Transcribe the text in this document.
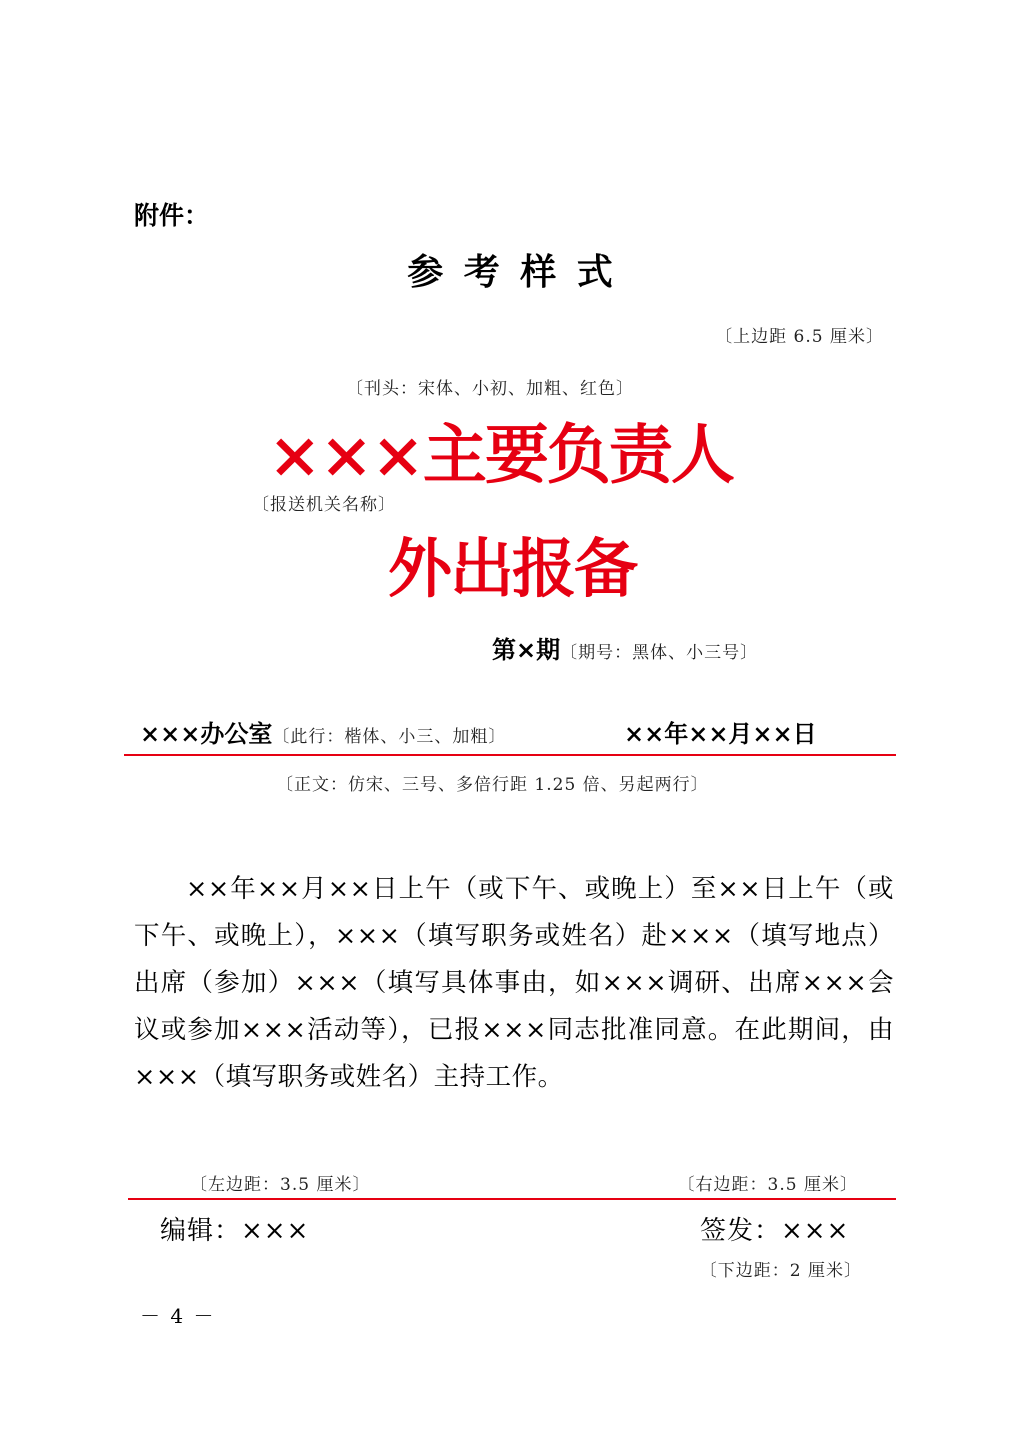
附件：
参 考 样 式
〔上边距 6.5 厘米〕
〔刊头：宋体、小初、加粗、红色〕
×××主要负责人
〔报送机关名称〕
外出报备
第×期〔期号：黑体、小三号〕
×××办公室〔此行：楷体、小三、加粗〕	××年××月××日
〔正文：仿宋、三号、多倍行距 1.25 倍、另起两行〕
××年××月××日上午（或下午、或晚上）至××日上午（或下午、或晚上），×××（填写职务或姓名）赴×××（填写地点）出席（参加）×××（填写具体事由，如×××调研、出席×××会议或参加×××活动等），已报×××同志批准同意。在此期间，由×××（填写职务或姓名）主持工作。
〔左边距：3.5 厘米〕	〔右边距：3.5 厘米〕
编辑：×××	签发：×××
〔下边距：2 厘米〕
－ 4 －
